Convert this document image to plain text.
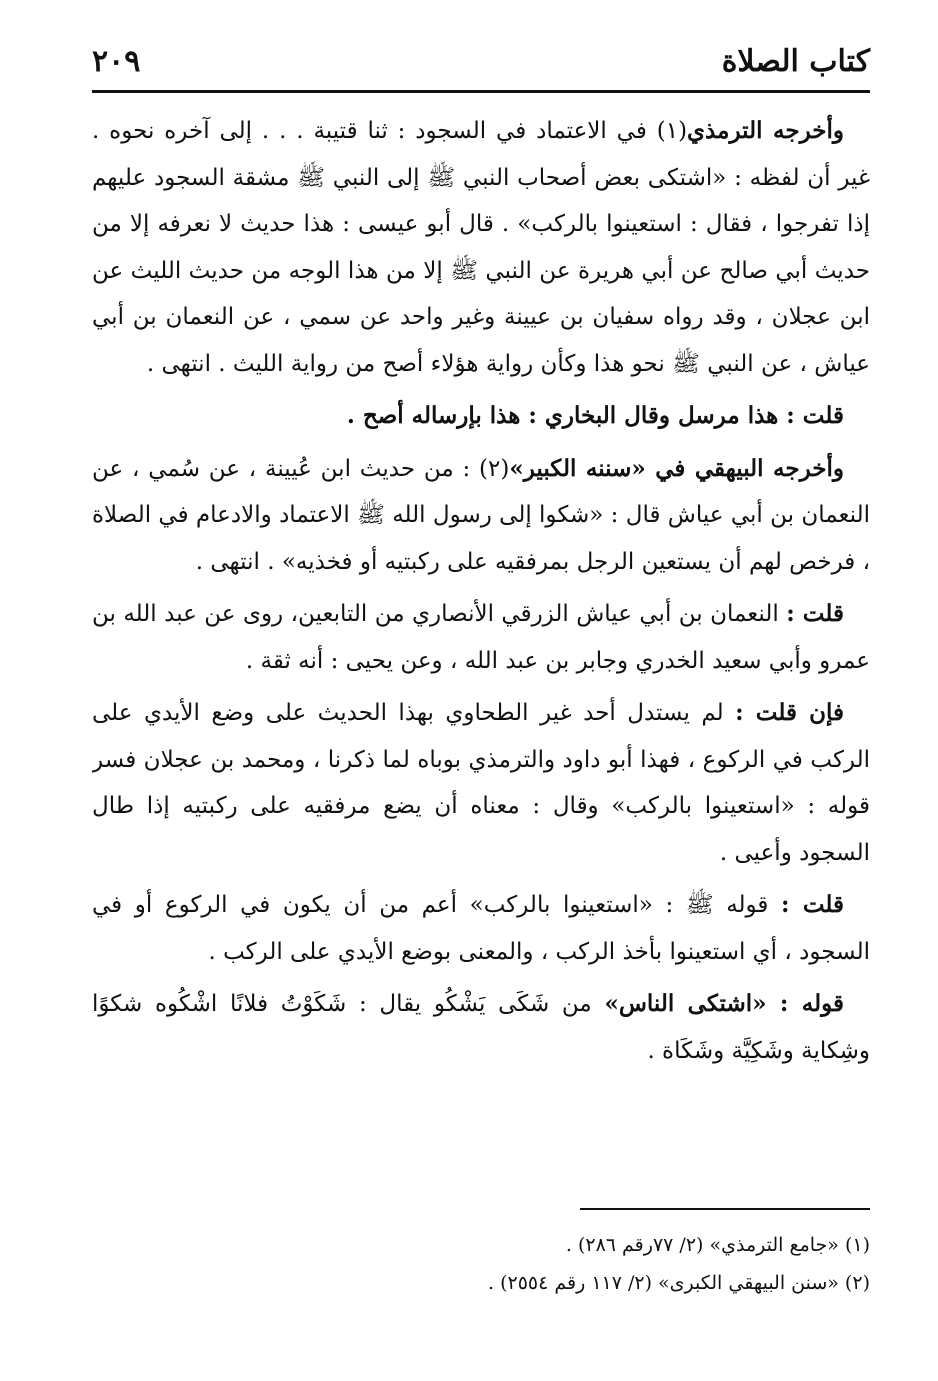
كتاب الصلاة
٢٠٩

وأخرجه الترمذي(١) في الاعتماد في السجود : ثنا قتيبة . . . إلى آخره نحوه . غير أن لفظه : «اشتكى بعض أصحاب النبي ﷺ إلى النبي ﷺ مشقة السجود عليهم إذا تفرجوا ، فقال : استعينوا بالركب» . قال أبو عيسى : هذا حديث لا نعرفه إلا من حديث أبي صالح عن أبي هريرة عن النبي ﷺ إلا من هذا الوجه من حديث الليث عن ابن عجلان ، وقد رواه سفيان بن عيينة وغير واحد عن سمي ، عن النعمان بن أبي عياش ، عن النبي ﷺ نحو هذا وكأن رواية هؤلاء أصح من رواية الليث . انتهى .

قلت : هذا مرسل وقال البخاري : هذا بإرساله أصح .

وأخرجه البيهقي في «سننه الكبير»(٢) : من حديث ابن عُيينة ، عن سُمي ، عن النعمان بن أبي عياش قال : «شكوا إلى رسول الله ﷺ الاعتماد والادعام في الصلاة ، فرخص لهم أن يستعين الرجل بمرفقيه على ركبتيه أو فخذيه» . انتهى .

قلت : النعمان بن أبي عياش الزرقي الأنصاري من التابعين، روى عن عبد الله بن عمرو وأبي سعيد الخدري وجابر بن عبد الله ، وعن يحيى : أنه ثقة .

فإن قلت : لم يستدل أحد غير الطحاوي بهذا الحديث على وضع الأيدي على الركب في الركوع ، فهذا أبو داود والترمذي بوباه لما ذكرنا ، ومحمد بن عجلان فسر قوله : «استعينوا بالركب» وقال : معناه أن يضع مرفقيه على ركبتيه إذا طال السجود وأعيى .

قلت : قوله ﷺ : «استعينوا بالركب» أعم من أن يكون في الركوع أو في السجود ، أي استعينوا بأخذ الركب ، والمعنى بوضع الأيدي على الركب .

قوله : «اشتكى الناس» من شَكَى يَشْكُو يقال : شَكَوْتُ فلانًا اشْكُوه شكوًا وشِكاية وشَكِيَّة وشَكَاة .

(١) «جامع الترمذي» (٢/ ٧٧رقم ٢٨٦) .
(٢) «سنن البيهقي الكبرى» (٢/ ١١٧ رقم ٢٥٥٤) .
